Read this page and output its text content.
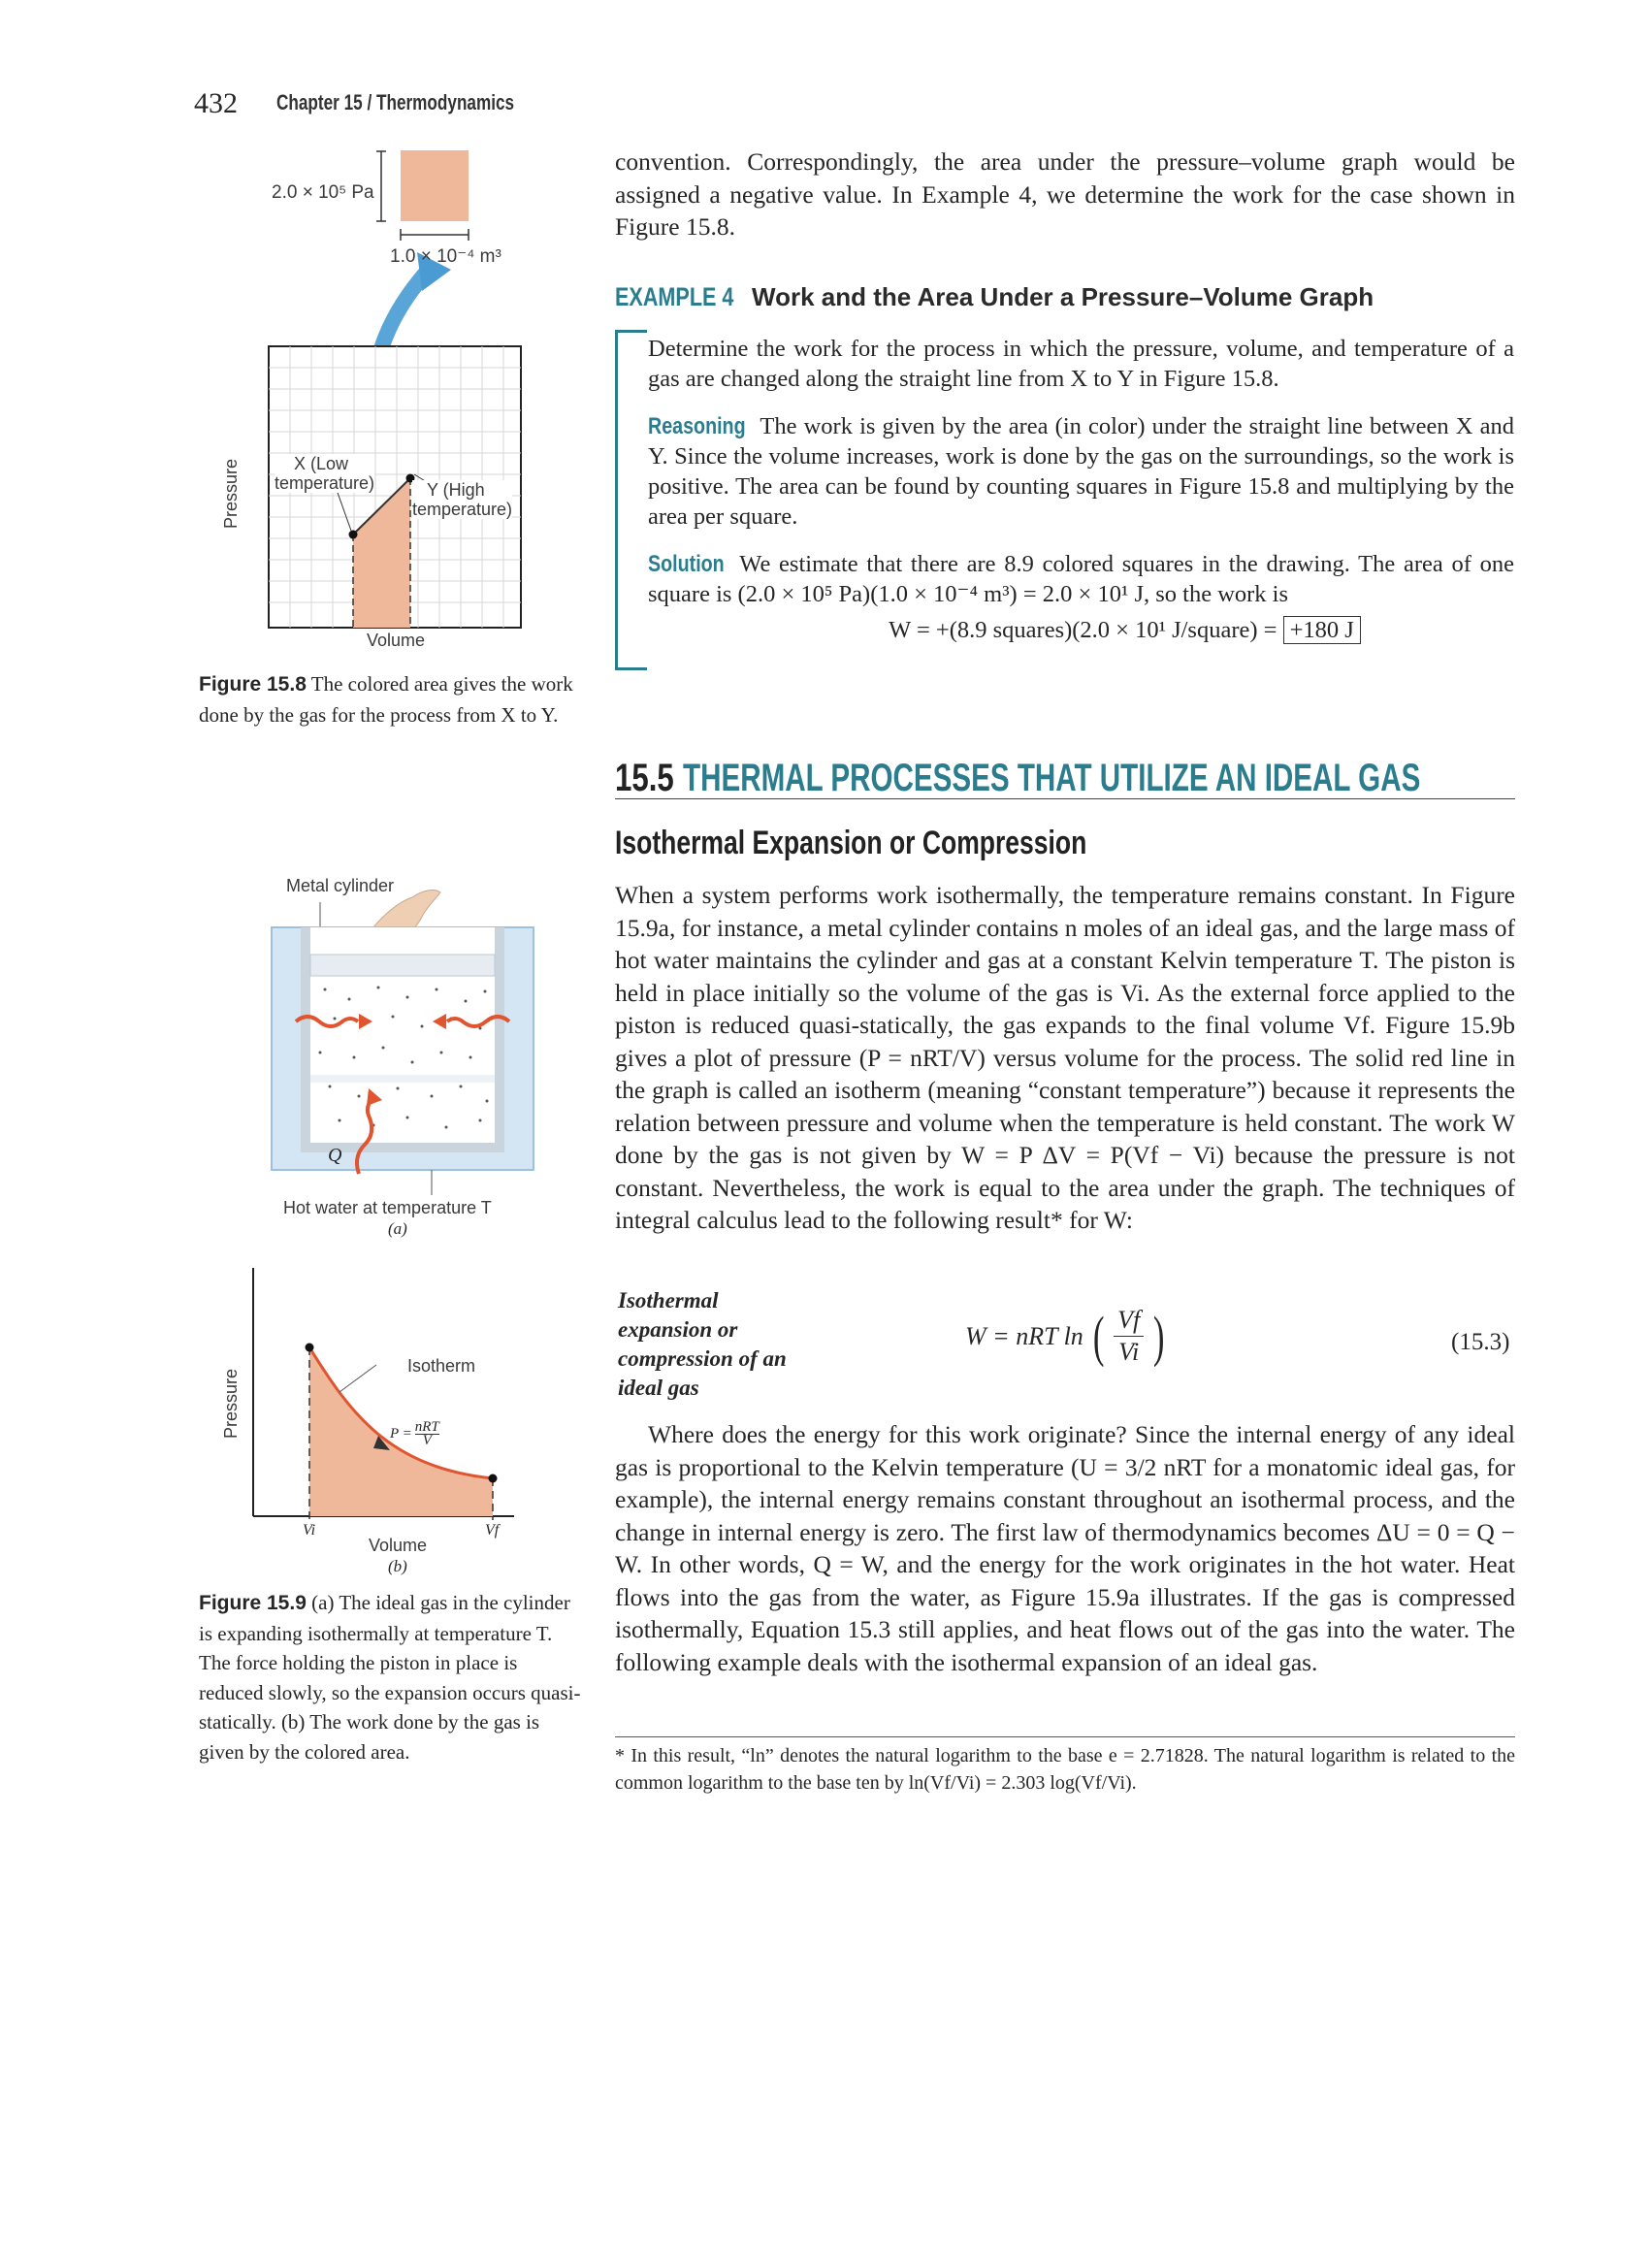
432 Chapter 15 / Thermodynamics
2.0 × 10⁵ Pa
1.0 × 10⁻⁴ m³
Pressure
Volume
X (Low
temperature)	Y (High
temperature)
Figure 15.8 The colored area gives the work done by the gas for the process from X to Y.
Metal cylinder
Q
Hot water at temperature T
(a)
Isotherm
P = nRT
V
Pressure
Vi	Vf
Volume
(b)
Figure 15.9 (a) The ideal gas in the cylinder is expanding isothermally at temperature T. The force holding the piston in place is reduced slowly, so the expansion occurs quasi-statically. (b) The work done by the gas is given by the colored area.

convention. Correspondingly, the area under the pressure–volume graph would be assigned a negative value. In Example 4, we determine the work for the case shown in Figure 15.8.

EXAMPLE 4 Work and the Area Under a Pressure–Volume Graph

Determine the work for the process in which the pressure, volume, and temperature of a gas are changed along the straight line from X to Y in Figure 15.8.

Reasoning The work is given by the area (in color) under the straight line between X and Y. Since the volume increases, work is done by the gas on the surroundings, so the work is positive. The area can be found by counting squares in Figure 15.8 and multiplying by the area per square.

Solution We estimate that there are 8.9 colored squares in the drawing. The area of one square is (2.0 × 10⁵ Pa)(1.0 × 10⁻⁴ m³) = 2.0 × 10¹ J, so the work is

W = +(8.9 squares)(2.0 × 10¹ J/square) = +180 J

15.5 THERMAL PROCESSES THAT UTILIZE AN IDEAL GAS
Isothermal Expansion or Compression

When a system performs work isothermally, the temperature remains constant. In Figure 15.9a, for instance, a metal cylinder contains n moles of an ideal gas, and the large mass of hot water maintains the cylinder and gas at a constant Kelvin temperature T. The piston is held in place initially so the volume of the gas is Vi. As the external force applied to the piston is reduced quasi-statically, the gas expands to the final volume Vf. Figure 15.9b gives a plot of pressure (P = nRT/V) versus volume for the process. The solid red line in the graph is called an isotherm (meaning “constant temperature”) because it represents the relation between pressure and volume when the temperature is held constant. The work W done by the gas is not given by W = P ΔV = P(Vf − Vi) because the pressure is not constant. Nevertheless, the work is equal to the area under the graph. The techniques of integral calculus lead to the following result* for W:

Isothermal expansion or compression of an ideal gas
W = nRT ln ( $\frac{Vf}{Vi}$ )	(15.3)

Where does the energy for this work originate? Since the internal energy of any ideal gas is proportional to the Kelvin temperature (U = 3/2 nRT for a monatomic ideal gas, for example), the internal energy remains constant throughout an isothermal process, and the change in internal energy is zero. The first law of thermodynamics becomes ΔU = 0 = Q − W. In other words, Q = W, and the energy for the work originates in the hot water. Heat flows into the gas from the water, as Figure 15.9a illustrates. If the gas is compressed isothermally, Equation 15.3 still applies, and heat flows out of the gas into the water. The following example deals with the isothermal expansion of an ideal gas.

* In this result, “ln” denotes the natural logarithm to the base e = 2.71828. The natural logarithm is related to the common logarithm to the base ten by ln(Vf/Vi) = 2.303 log(Vf/Vi).
